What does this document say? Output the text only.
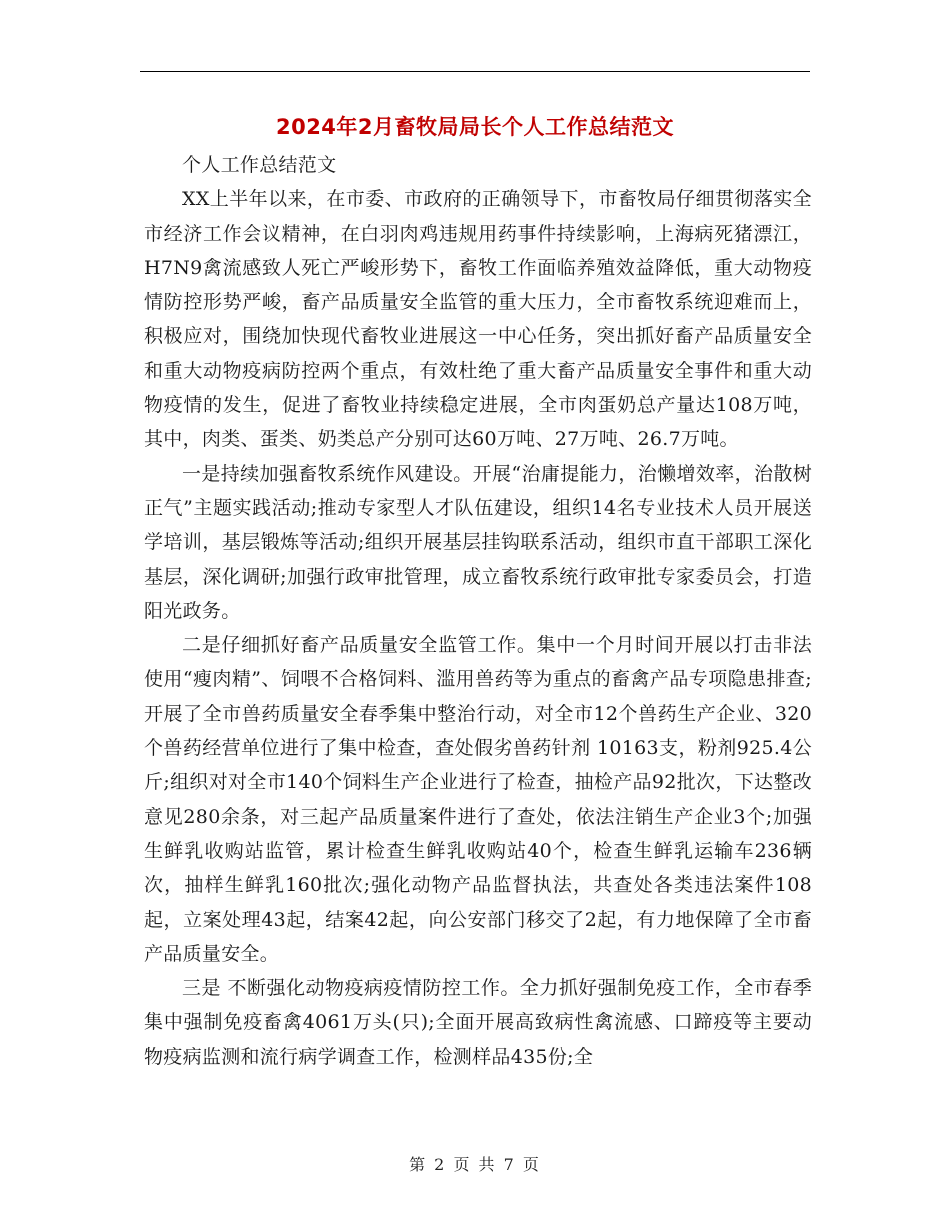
2024年2月畜牧局局长个人工作总结范文

个人工作总结范文

XX上半年以来，在市委、市政府的正确领导下，市畜牧局仔细贯彻落实全市经济工作会议精神，在白羽肉鸡违规用药事件持续影响，上海病死猪漂江，H7N9禽流感致人死亡严峻形势下，畜牧工作面临养殖效益降低，重大动物疫情防控形势严峻，畜产品质量安全监管的重大压力，全市畜牧系统迎难而上，积极应对，围绕加快现代畜牧业进展这一中心任务，突出抓好畜产品质量安全和重大动物疫病防控两个重点，有效杜绝了重大畜产品质量安全事件和重大动物疫情的发生，促进了畜牧业持续稳定进展，全市肉蛋奶总产量达108万吨，其中，肉类、蛋类、奶类总产分别可达60万吨、27万吨、26.7万吨。

一是持续加强畜牧系统作风建设。开展“治庸提能力，治懒增效率，治散树正气”主题实践活动;推动专家型人才队伍建设，组织14名专业技术人员开展送学培训，基层锻炼等活动;组织开展基层挂钩联系活动，组织市直干部职工深化基层，深化调研;加强行政审批管理，成立畜牧系统行政审批专家委员会，打造阳光政务。

二是仔细抓好畜产品质量安全监管工作。集中一个月时间开展以打击非法使用“瘦肉精”、饲喂不合格饲料、滥用兽药等为重点的畜禽产品专项隐患排查;开展了全市兽药质量安全春季集中整治行动，对全市12个兽药生产企业、320个兽药经营单位进行了集中检查，查处假劣兽药针剂 10163支，粉剂925.4公斤;组织对对全市140个饲料生产企业进行了检查，抽检产品92批次，下达整改意见280余条，对三起产品质量案件进行了查处，依法注销生产企业3个;加强生鲜乳收购站监管，累计检查生鲜乳收购站40个，检查生鲜乳运输车236辆次，抽样生鲜乳160批次;强化动物产品监督执法，共查处各类违法案件108起，立案处理43起，结案42起，向公安部门移交了2起，有力地保障了全市畜产品质量安全。

三是 不断强化动物疫病疫情防控工作。全力抓好强制免疫工作，全市春季集中强制免疫畜禽4061万头(只);全面开展高致病性禽流感、口蹄疫等主要动物疫病监测和流行病学调查工作，检测样品435份;全

第 2 页 共 7 页
